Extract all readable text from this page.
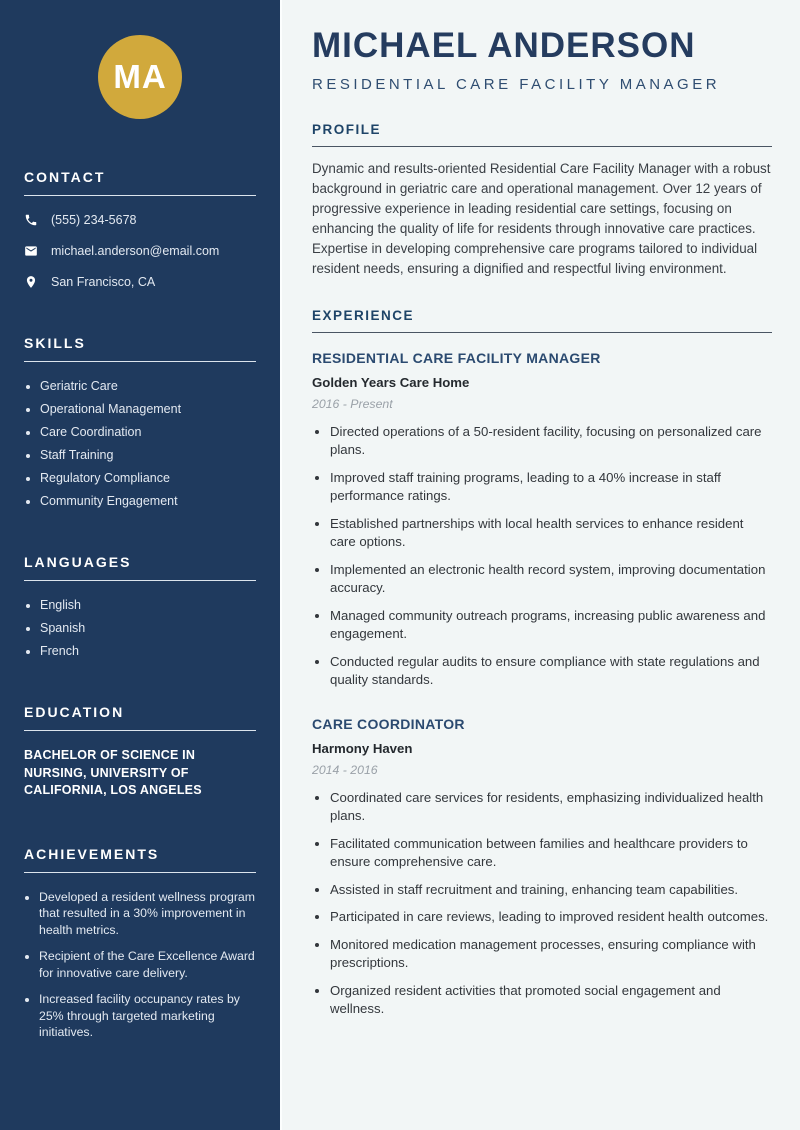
MA
CONTACT
(555) 234-5678
michael.anderson@email.com
San Francisco, CA
SKILLS
• Geriatric Care
• Operational Management
• Care Coordination
• Staff Training
• Regulatory Compliance
• Community Engagement
LANGUAGES
• English
• Spanish
• French
EDUCATION
BACHELOR OF SCIENCE IN NURSING, UNIVERSITY OF CALIFORNIA, LOS ANGELES
ACHIEVEMENTS
• Developed a resident wellness program that resulted in a 30% improvement in health metrics.
• Recipient of the Care Excellence Award for innovative care delivery.
• Increased facility occupancy rates by 25% through targeted marketing initiatives.
MICHAEL ANDERSON
RESIDENTIAL CARE FACILITY MANAGER
PROFILE

Dynamic and results-oriented Residential Care Facility Manager with a robust background in geriatric care and operational management. Over 12 years of progressive experience in leading residential care settings, focusing on enhancing the quality of life for residents through innovative care practices. Expertise in developing comprehensive care programs tailored to individual resident needs, ensuring a dignified and respectful living environment.

EXPERIENCE
RESIDENTIAL CARE FACILITY MANAGER
Golden Years Care Home
2016 - Present
• Directed operations of a 50-resident facility, focusing on personalized care plans.
• Improved staff training programs, leading to a 40% increase in staff performance ratings.
• Established partnerships with local health services to enhance resident care options.
• Implemented an electronic health record system, improving documentation accuracy.
• Managed community outreach programs, increasing public awareness and engagement.
• Conducted regular audits to ensure compliance with state regulations and quality standards.
CARE COORDINATOR
Harmony Haven
2014 - 2016
• Coordinated care services for residents, emphasizing individualized health plans.
• Facilitated communication between families and healthcare providers to ensure comprehensive care.
• Assisted in staff recruitment and training, enhancing team capabilities.
• Participated in care reviews, leading to improved resident health outcomes.
• Monitored medication management processes, ensuring compliance with prescriptions.
• Organized resident activities that promoted social engagement and wellness.
